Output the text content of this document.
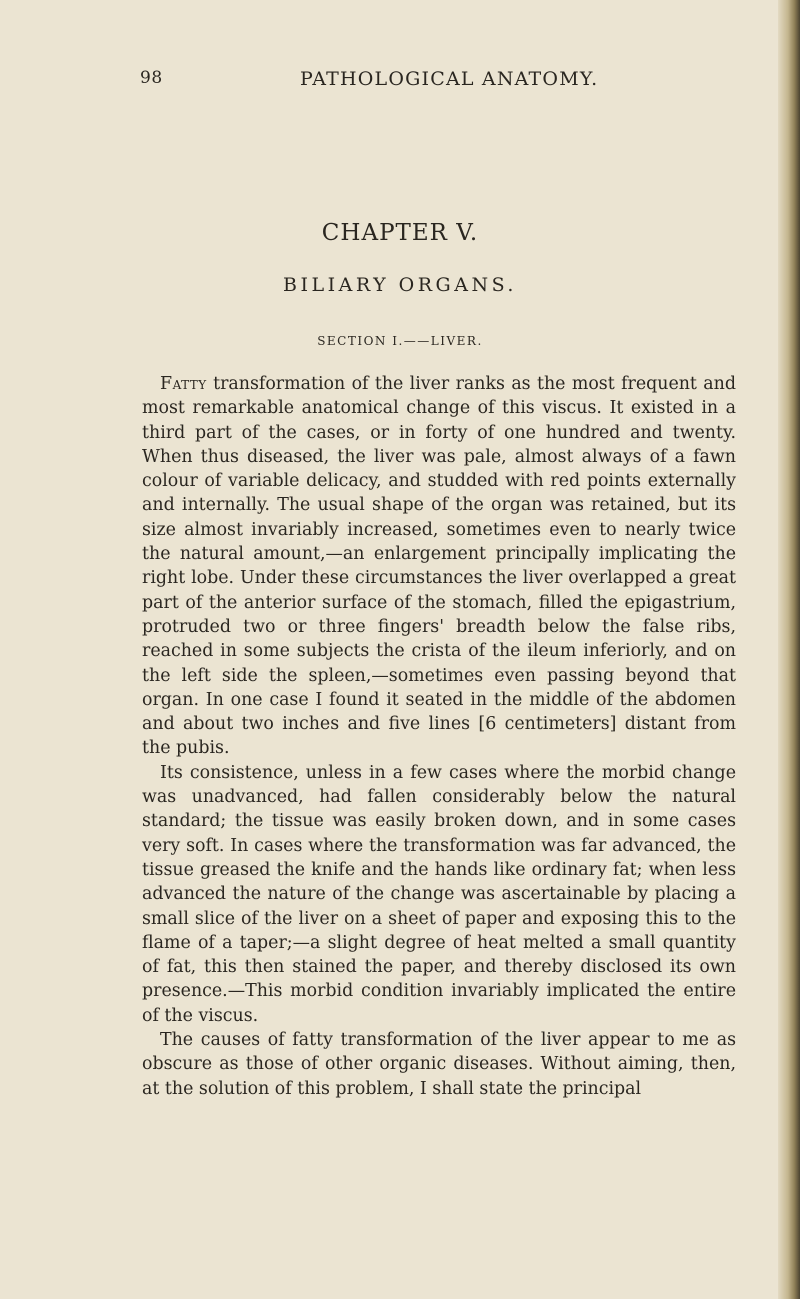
98	PATHOLOGICAL ANATOMY.
CHAPTER V.
BILIARY ORGANS.
SECTION I.——LIVER.

Fatty transformation of the liver ranks as the most frequent and most remarkable anatomical change of this viscus. It existed in a third part of the cases, or in forty of one hundred and twenty. When thus diseased, the liver was pale, almost always of a fawn colour of variable delicacy, and studded with red points externally and internally. The usual shape of the organ was retained, but its size almost invariably increased, sometimes even to nearly twice the natural amount,—an enlargement principally implicating the right lobe. Under these circumstances the liver overlapped a great part of the anterior surface of the stomach, filled the epigastrium, protruded two or three fingers' breadth below the false ribs, reached in some subjects the crista of the ileum inferiorly, and on the left side the spleen,—sometimes even passing beyond that organ. In one case I found it seated in the middle of the abdomen and about two inches and five lines [6 centimeters] distant from the pubis.

Its consistence, unless in a few cases where the morbid change was unadvanced, had fallen considerably below the natural standard; the tissue was easily broken down, and in some cases very soft. In cases where the transformation was far advanced, the tissue greased the knife and the hands like ordinary fat; when less advanced the nature of the change was ascertainable by placing a small slice of the liver on a sheet of paper and exposing this to the flame of a taper;—a slight degree of heat melted a small quantity of fat, this then stained the paper, and thereby disclosed its own presence.—This morbid condition invariably implicated the entire of the viscus.

The causes of fatty transformation of the liver appear to me as obscure as those of other organic diseases. Without aiming, then, at the solution of this problem, I shall state the principal
